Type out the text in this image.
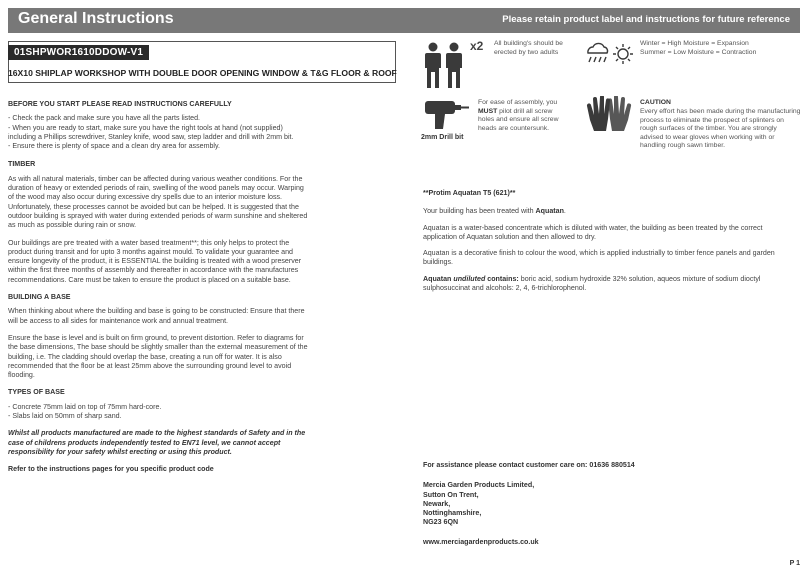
General Instructions	Please retain product label and instructions for future reference
01SHPWOR1610DDOW-V1
16X10 SHIPLAP WORKSHOP WITH DOUBLE DOOR OPENING WINDOW & T&G FLOOR & ROOF
BEFORE YOU START PLEASE READ INSTRUCTIONS CAREFULLY

- Check the pack and make sure you have all the parts listed.
- When you are ready to start, make sure you have the right tools at hand (not supplied) including a Phillips screwdriver, Stanley knife, wood saw, step ladder and drill with 2mm bit.
- Ensure there is plenty of space and a clean dry area for assembly.

TIMBER

As with all natural materials, timber can be affected during various weather conditions. For the duration of heavy or extended periods of rain, swelling of the wood panels may occur. Warping of the wood may also occur during excessive dry spells due to an interior moisture loss. Unfortunately, these processes cannot be avoided but can be helped. It is suggested that the outdoor building is sprayed with water during extended periods of warm sunshine and sheltered as much as possible during rain or snow.

Our buildings are pre treated with a water based treatment**; this only helps to protect the product during transit and for upto 3 months against mould. To validate your guarantee and ensure longevity of the product, it is ESSENTIAL the building is treated with a wood preserver within the first three months of assembly and thereafter in accordance with the manufactures recommendations. Care must be taken to ensure the product is placed on a suitable base.

BUILDING A BASE

When thinking about where the building and base is going to be constructed: Ensure that there will be access to all sides for maintenance work and annual treatment.

Ensure the base is level and is built on firm ground, to prevent distortion. Refer to diagrams for the base dimensions, The base should be slightly smaller than the external measurement of the building, i.e. The cladding should overlap the base, creating a run off for water. It is also recommended that the floor be at least 25mm above the surrounding ground level to avoid flooding.

TYPES OF BASE

- Concrete 75mm laid on top of 75mm hard-core.
- Slabs laid on 50mm of sharp sand.

Whilst all products manufactured are made to the highest standards of Safety and in the case of childrens products independently tested to EN71 level, we cannot accept responsibility for your safety whilst erecting or using this product.

Refer to the instructions pages for you specific product code

x2 All building's should be erected by two adults
Winter = High Moisture = Expansion
Summer = Low Moisture = Contraction
2mm Drill bit
For ease of assembly, you MUST pilot drill all screw holes and ensure all screw heads are countersunk.
CAUTION
Every effort has been made during the manufacturing process to eliminate the prospect of splinters on rough surfaces of the timber. You are strongly advised to wear gloves when working with or handling rough sawn timber.

**Protim Aquatan T5 (621)**

Your building has been treated with Aquatan.

Aquatan is a water-based concentrate which is diluted with water, the building as been treated by the correct application of Aquatan solution and then allowed to dry.

Aquatan is a decorative finish to colour the wood, which is applied industrially to timber fence panels and garden buildings.

Aquatan undiluted contains: boric acid, sodium hydroxide 32% solution, aqueos mixture of sodium dioctyl sulphosuccinat and alcohols: 2, 4, 6-trichlorophenol.

For assistance please contact customer care on: 01636 880514

Mercia Garden Products Limited,
Sutton On Trent,
Newark,
Nottinghamshire,
NG23 6QN

www.merciagardenproducts.co.uk

P 1
